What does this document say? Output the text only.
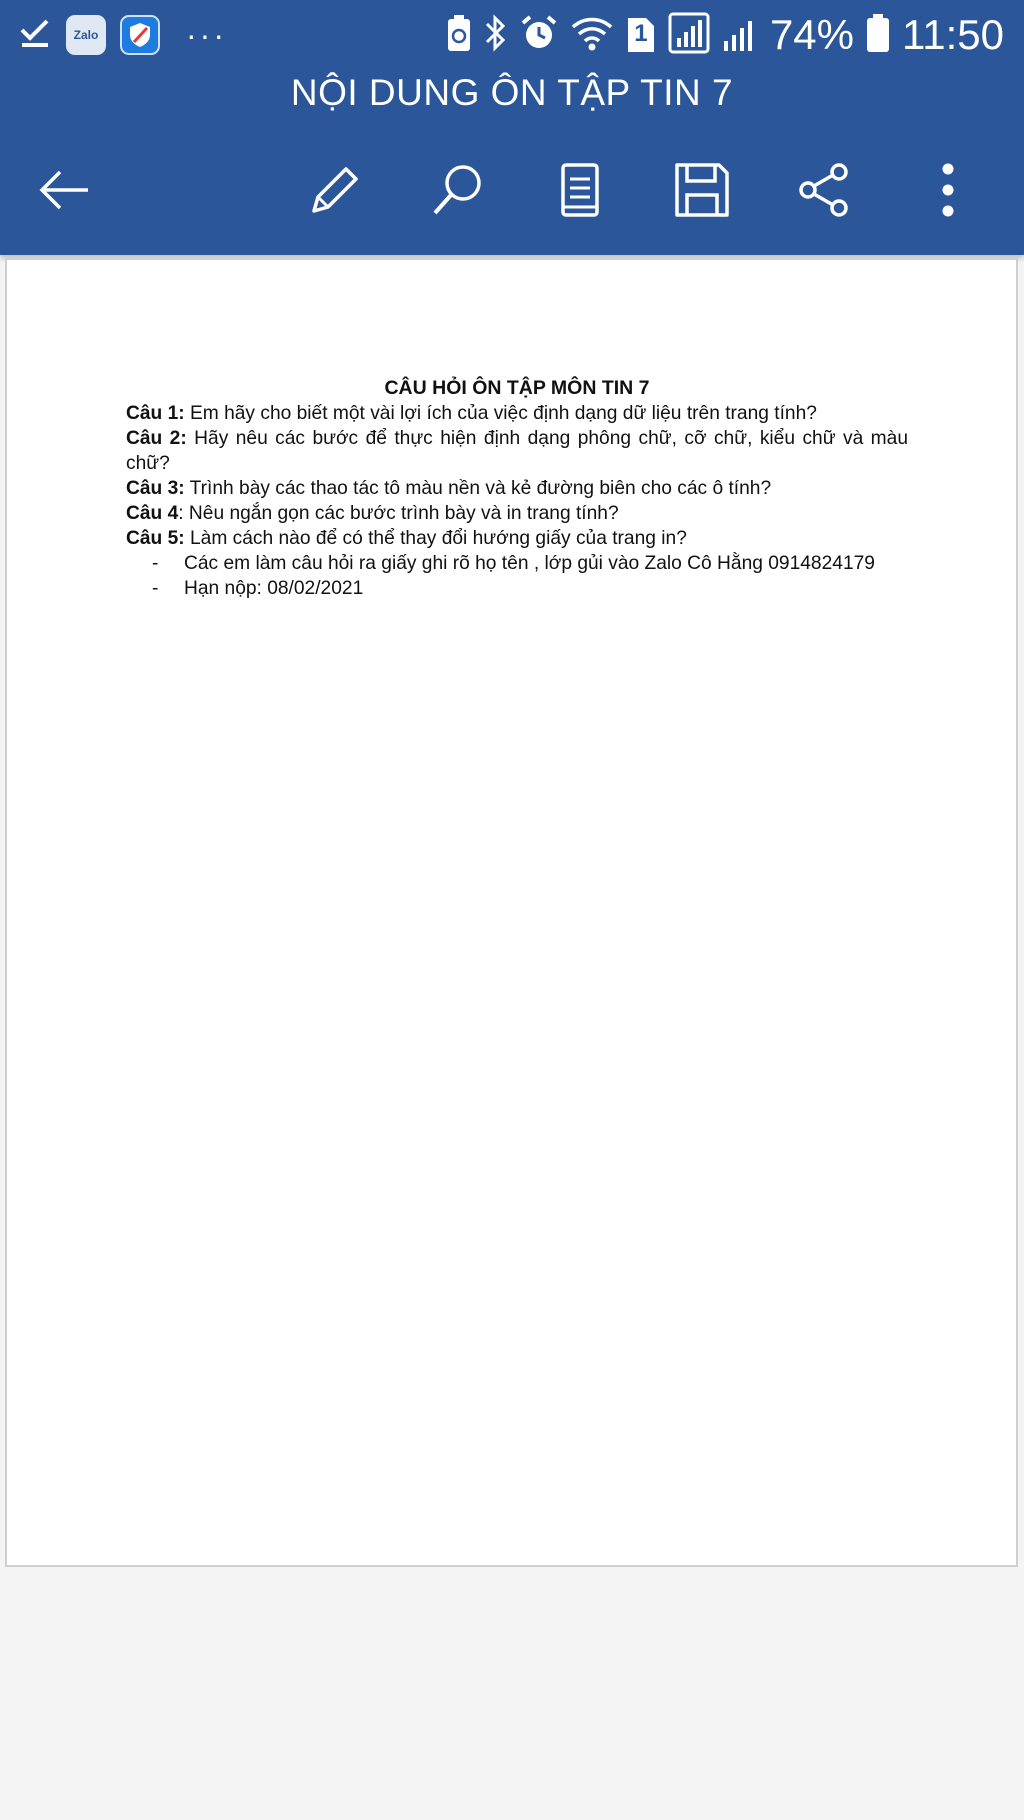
Zalo	···	1	74% 11:50
NỘI DUNG ÔN TẬP TIN 7
CÂU HỎI ÔN TẬP MÔN TIN 7

Câu 1: Em hãy cho biết một vài lợi ích của việc định dạng dữ liệu trên trang tính?

Câu 2: Hãy nêu các bước để thực hiện định dạng phông chữ, cỡ chữ, kiểu chữ và màu chữ?

Câu 3: Trình bày các thao tác tô màu nền và kẻ đường biên cho các ô tính?

Câu 4: Nêu ngắn gọn các bước trình bày và in trang tính?

Câu 5: Làm cách nào để có thể thay đổi hướng giấy của trang in?

- Các em làm câu hỏi ra giấy ghi rõ họ tên , lớp gủi vào Zalo Cô Hằng 0914824179

- Hạn nộp: 08/02/2021
